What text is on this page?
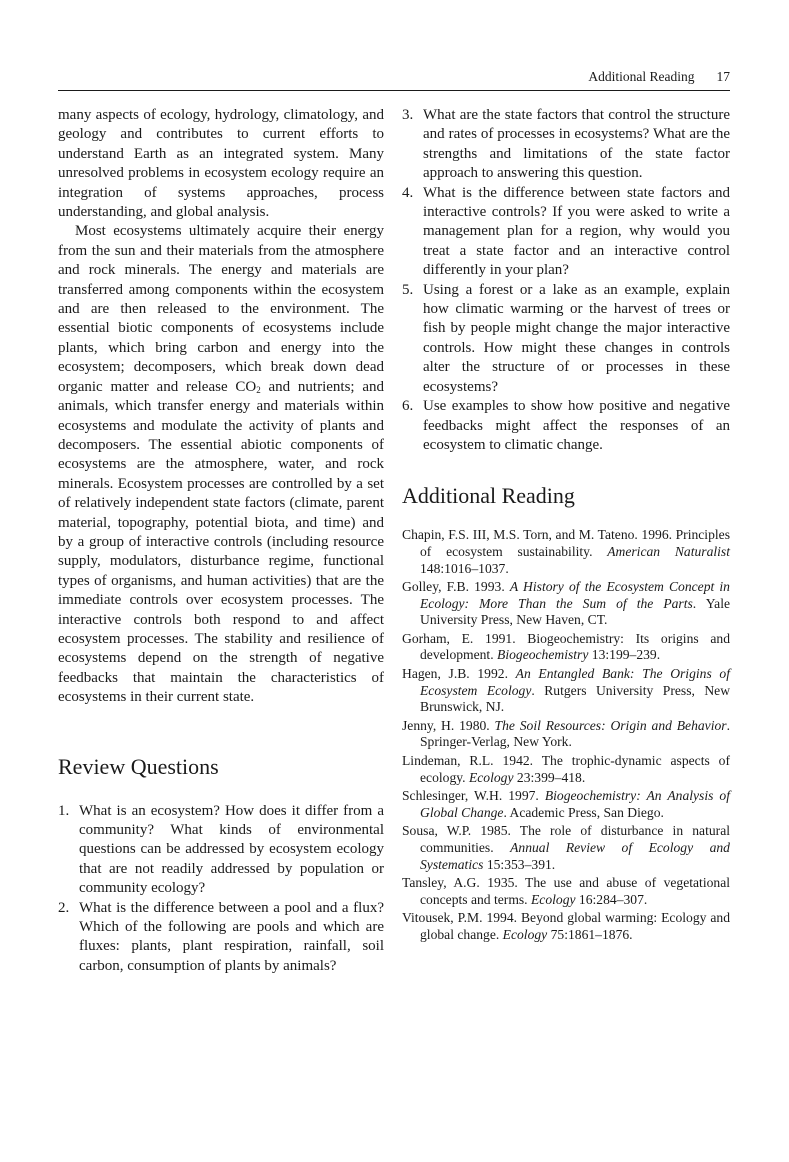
Additional Reading 17

many aspects of ecology, hydrology, climatology, and geology and contributes to current efforts to understand Earth as an integrated system. Many unresolved problems in ecosystem ecology require an integration of systems approaches, process understanding, and global analysis.

Most ecosystems ultimately acquire their energy from the sun and their materials from the atmosphere and rock minerals. The energy and materials are transferred among components within the ecosystem and are then released to the environment. The essential biotic components of ecosystems include plants, which bring carbon and energy into the ecosystem; decomposers, which break down dead organic matter and release $CO_2$ and nutrients; and animals, which transfer energy and materials within ecosystems and modulate the activity of plants and decomposers. The essential abiotic components of ecosystems are the atmosphere, water, and rock minerals. Ecosystem processes are controlled by a set of relatively independent state factors (climate, parent material, topography, potential biota, and time) and by a group of interactive controls (including resource supply, modulators, disturbance regime, functional types of organisms, and human activities) that are the immediate controls over ecosystem processes. The interactive controls both respond to and affect ecosystem processes. The stability and resilience of ecosystems depend on the strength of negative feedbacks that maintain the characteristics of ecosystems in their current state.

Review Questions
1. What is an ecosystem? How does it differ from a community? What kinds of environmental questions can be addressed by ecosystem ecology that are not readily addressed by population or community ecology?
2. What is the difference between a pool and a flux? Which of the following are pools and which are fluxes: plants, plant respiration, rainfall, soil carbon, consumption of plants by animals?
3. What are the state factors that control the structure and rates of processes in ecosystems? What are the strengths and limitations of the state factor approach to answering this question.
4. What is the difference between state factors and interactive controls? If you were asked to write a management plan for a region, why would you treat a state factor and an interactive control differently in your plan?
5. Using a forest or a lake as an example, explain how climatic warming or the harvest of trees or fish by people might change the major interactive controls. How might these changes in controls alter the structure of or processes in these ecosystems?
6. Use examples to show how positive and negative feedbacks might affect the responses of an ecosystem to climatic change.
Additional Reading
Chapin, F.S. III, M.S. Torn, and M. Tateno. 1996. Principles of ecosystem sustainability. American Naturalist 148:1016–1037.
Golley, F.B. 1993. A History of the Ecosystem Concept in Ecology: More Than the Sum of the Parts. Yale University Press, New Haven, CT.
Gorham, E. 1991. Biogeochemistry: Its origins and development. Biogeochemistry 13:199–239.
Hagen, J.B. 1992. An Entangled Bank: The Origins of Ecosystem Ecology. Rutgers University Press, New Brunswick, NJ.
Jenny, H. 1980. The Soil Resources: Origin and Behavior. Springer-Verlag, New York.
Lindeman, R.L. 1942. The trophic-dynamic aspects of ecology. Ecology 23:399–418.
Schlesinger, W.H. 1997. Biogeochemistry: An Analysis of Global Change. Academic Press, San Diego.
Sousa, W.P. 1985. The role of disturbance in natural communities. Annual Review of Ecology and Systematics 15:353–391.
Tansley, A.G. 1935. The use and abuse of vegetational concepts and terms. Ecology 16:284–307.
Vitousek, P.M. 1994. Beyond global warming: Ecology and global change. Ecology 75:1861–1876.
